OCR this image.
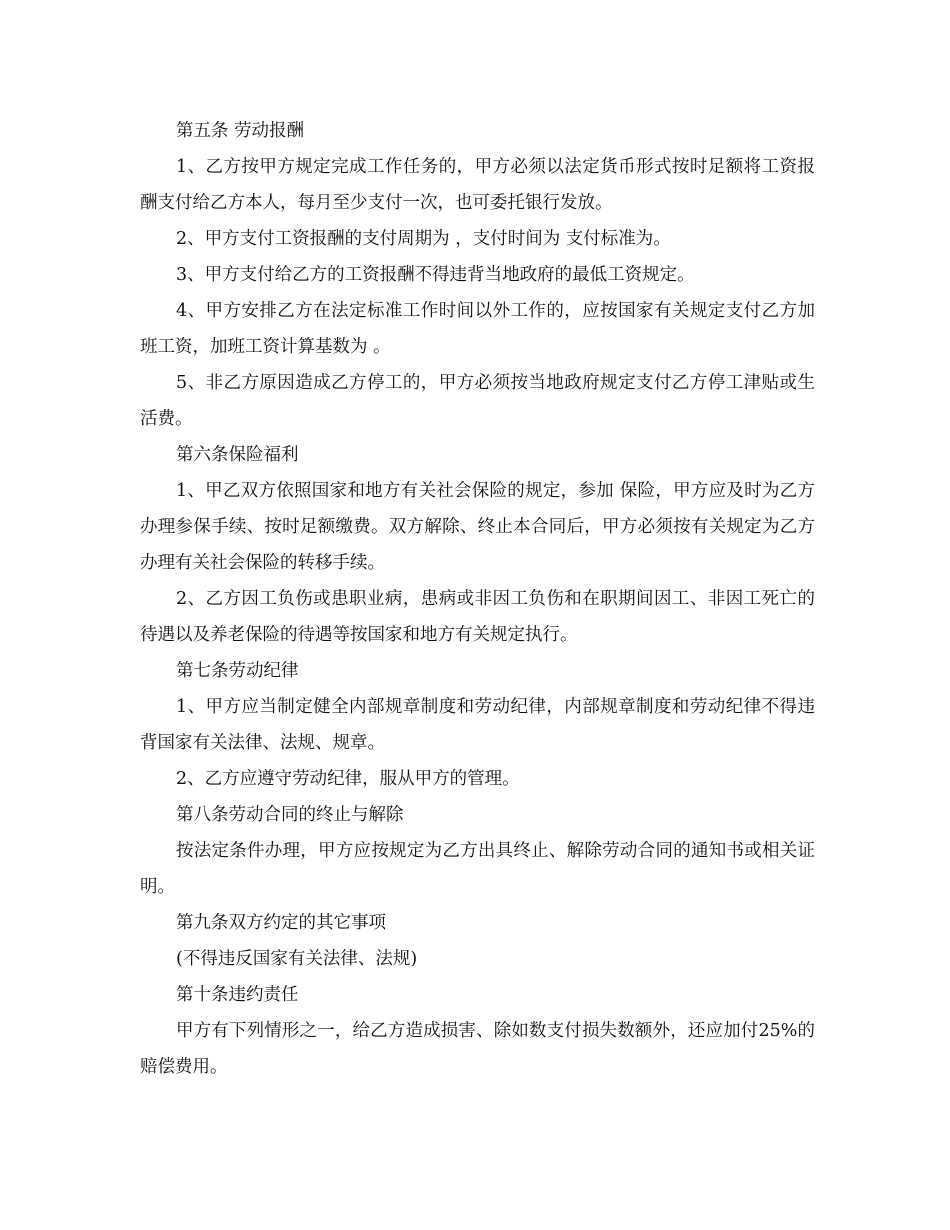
第五条 劳动报酬

1、乙方按甲方规定完成工作任务的，甲方必须以法定货币形式按时足额将工资报酬支付给乙方本人，每月至少支付一次，也可委托银行发放。

2、甲方支付工资报酬的支付周期为 ，支付时间为 支付标准为。

3、甲方支付给乙方的工资报酬不得违背当地政府的最低工资规定。

4、甲方安排乙方在法定标准工作时间以外工作的，应按国家有关规定支付乙方加班工资，加班工资计算基数为 。

5、非乙方原因造成乙方停工的，甲方必须按当地政府规定支付乙方停工津贴或生活费。

第六条保险福利

1、甲乙双方依照国家和地方有关社会保险的规定，参加 保险，甲方应及时为乙方办理参保手续、按时足额缴费。双方解除、终止本合同后，甲方必须按有关规定为乙方办理有关社会保险的转移手续。

2、乙方因工负伤或患职业病，患病或非因工负伤和在职期间因工、非因工死亡的待遇以及养老保险的待遇等按国家和地方有关规定执行。

第七条劳动纪律

1、甲方应当制定健全内部规章制度和劳动纪律，内部规章制度和劳动纪律不得违背国家有关法律、法规、规章。

2、乙方应遵守劳动纪律，服从甲方的管理。

第八条劳动合同的终止与解除

按法定条件办理，甲方应按规定为乙方出具终止、解除劳动合同的通知书或相关证明。

第九条双方约定的其它事项

(不得违反国家有关法律、法规)

第十条违约责任

甲方有下列情形之一，给乙方造成损害、除如数支付损失数额外，还应加付25%的赔偿费用。
